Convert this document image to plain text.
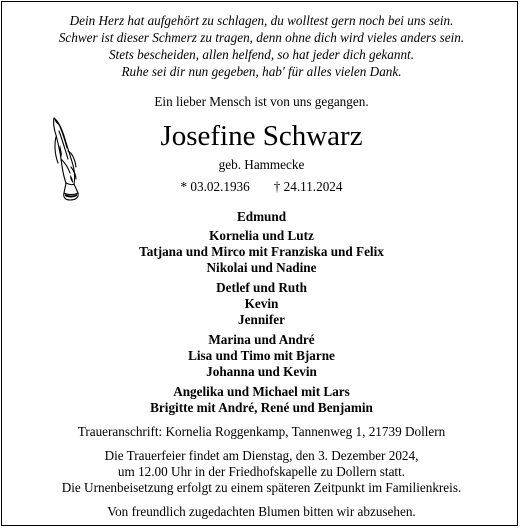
Dein Herz hat aufgehört zu schlagen, du wolltest gern noch bei uns sein.
Schwer ist dieser Schmerz zu tragen, denn ohne dich wird vieles anders sein.
Stets bescheiden, allen helfend, so hat jeder dich gekannt.
Ruhe sei dir nun gegeben, hab' für alles vielen Dank.
Ein lieber Mensch ist von uns gegangen.
Josefine Schwarz
geb. Hammecke
* 03.02.1936 † 24.11.2024
Edmund
Kornelia und Lutz
Tatjana und Mirco mit Franziska und Felix
Nikolai und Nadine
Detlef und Ruth
Kevin
Jennifer
Marina und André
Lisa und Timo mit Bjarne
Johanna und Kevin
Angelika und Michael mit Lars
Brigitte mit André, René und Benjamin
Traueranschrift: Kornelia Roggenkamp, Tannenweg 1, 21739 Dollern
Die Trauerfeier findet am Dienstag, den 3. Dezember 2024,
um 12.00 Uhr in der Friedhofskapelle zu Dollern statt.
Die Urnenbeisetzung erfolgt zu einem späteren Zeitpunkt im Familienkreis.
Von freundlich zugedachten Blumen bitten wir abzusehen.
